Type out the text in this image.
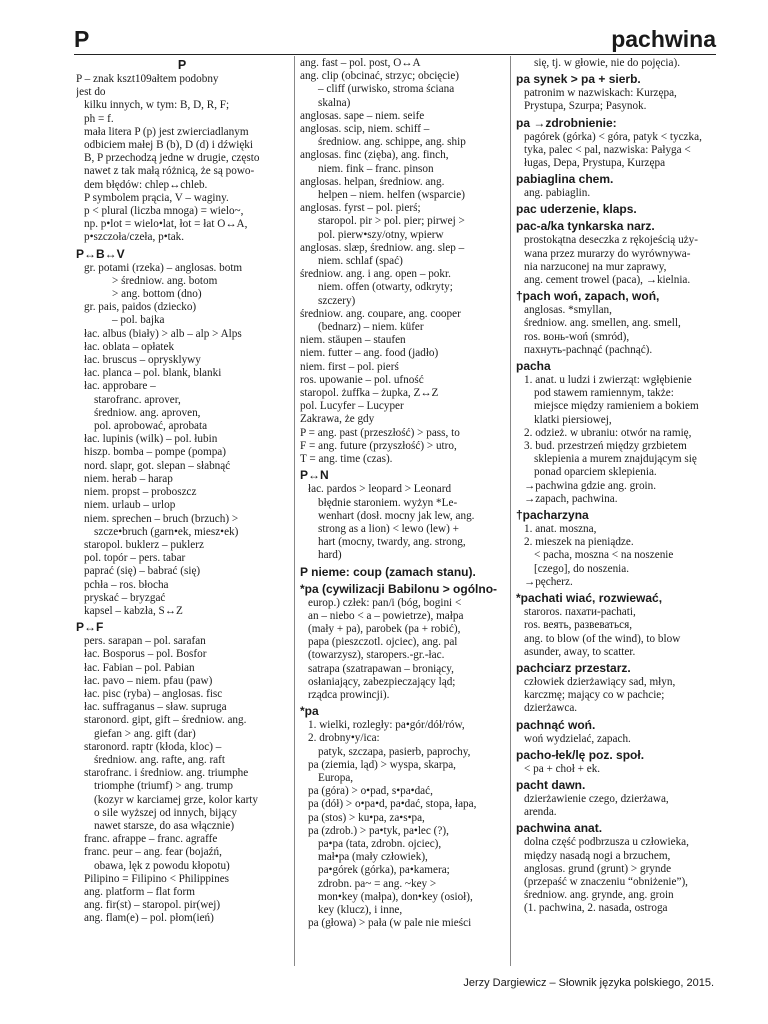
P	pachwina
P
P – znak kszt109ałtem podobny
jest do
kilku innych, w tym: B, D, R, F;
ph = f.
mała litera P (p) jest zwierciadlanym
odbiciem małej B (b), D (d) i dźwięki
B, P przechodzą jedne w drugie, często
nawet z tak małą różnicą, że są powo-
dem błędów: chlep↔chleb.
P symbolem prącia, V – waginy.
p < plural (liczba mnoga) = wielo~,
np. p•lot = wielo•lat, łot = łat O↔A,
p•szczoła/czeła, p•tak.
P↔B↔V
gr. potami (rzeka) – anglosas. botm
> średniow. ang. botom
> ang. bottom (dno)
gr. pais, paidos (dziecko)
– pol. bajka
łac. albus (biały) > alb – alp > Alps
łac. oblata – opłatek
łac. bruscus – oprysklywy
łac. planca – pol. blank, blanki
łac. approbare –
starofranc. aprover,
średniow. ang. aproven,
pol. aprobować, aprobata
łac. lupinis (wilk) – pol. łubin
hiszp. bomba – pompe (pompa)
nord. slapr, got. slepan – słabnąć
niem. herab – harap
niem. propst – proboszcz
niem. urlaub – urlop
niem. sprechen – bruch (brzuch) >
szcze•bruch (garn•ek, miesz•ek)
staropol. buklerz – puklerz
pol. topór – pers. tabar
paprać (się) – babrać (się)
pchła – ros. błocha
pryskać – bryzgać
kapsel – kabzła, S↔Z
P↔F
pers. sarapan – pol. sarafan
łac. Bosporus – pol. Bosfor
łac. Fabian – pol. Pabian
łac. pavo – niem. pfau (paw)
łac. pisc (ryba) – anglosas. fisc
łac. suffraganus – sław. supruga
staronord. gipt, gift – średniow. ang.
giefan > ang. gift (dar)
staronord. raptr (kłoda, kloc) –
średniow. ang. rafte, ang. raft
starofranc. i średniow. ang. triumphe
triomphe (triumf) > ang. trump
(kozyr w karciamej grze, kolor karty
o sile wyższej od innych, bijący
nawet starsze, do asa włącznie)
franc. afrappe – franc. agraffe
franc. peur – ang. fear (bojaźń,
obawa, lęk z powodu kłopotu)
Pilipino = Filipino < Philippines
ang. platform – flat form
ang. fir(st) – staropol. pir(wej)
ang. flam(e) – pol. płom(ień)
ang. fast – pol. post, O↔A
ang. clip (obcinać, strzyc; obcięcie)
– cliff (urwisko, stroma ściana
skalna)
anglosas. sape – niem. seife
anglosas. scip, niem. schiff –
średniow. ang. schippe, ang. ship
anglosas. finc (zięba), ang. finch,
niem. fink – franc. pinson
anglosas. helpan, średniow. ang.
helpen – niem. helfen (wsparcie)
anglosas. fyrst – pol. pierś;
staropol. pir > pol. pier; pirwej >
pol. pierw•szy/otny, wpierw
anglosas. slæp, średniow. ang. slep –
niem. schlaf (spać)
średniow. ang. i ang. open – pokr.
niem. offen (otwarty, odkryty;
szczery)
średniow. ang. coupare, ang. cooper
(bednarz) – niem. küfer
niem. stäupen – staufen
niem. futter – ang. food (jadło)
niem. first – pol. pierś
ros. upowanie – pol. ufność
staropol. żuffka – żupka, Z↔Z
pol. Lucyfer – Lucyper
Zakrawa, że gdy
P = ang. past (przeszłość) > pass, to
F = ang. future (przyszłość) > utro,
T = ang. time (czas).
P↔N
łac. pardos > leopard > Leonard
błędnie staroniem. wyżyn *Le-
wenhart (dosł. mocny jak lew, ang.
strong as a lion) < lewo (lew) +
hart (mocny, twardy, ang. strong,
hard)
P nieme: coup (zamach stanu).
*pa (cywilizacji Babilonu > ogólno-
europ.) człek: pan/i (bóg, bogini <
an – niebo < a – powietrze), małpa
(mały + pa), parobek (pa + robić),
papa (pieszczotl. ojciec), ang. pal
(towarzysz), staropers.-gr.-łac.
satrapa (szatrapawan – broniący,
osłaniający, zabezpieczający ląd;
rządca prowincji).
*pa
1. wielki, rozległy: pa•gór/dół/rów,
2. drobny•y/ica:
patyk, szczapa, pasierb, paprochy,
pa (ziemia, ląd) > wyspa, skarpa,
Europa,
pa (góra) > o•pad, s•pa•dać,
pa (dół) > o•pa•d, pa•dać, stopa, łapa,
pa (stos) > ku•pa, za•s•pa,
pa (zdrob.) > pa•tyk, pa•lec (?),
pa•pa (tata, zdrobn. ojciec),
mał•pa (mały człowiek),
pa•górek (górka), pa•kamera;
zdrobn. pa~ = ang. ~key >
mon•key (małpa), don•key (osioł),
key (klucz), i inne,
pa (głowa) > pała (w pale nie mieści
się, tj. w głowie, nie do pojęcia).
pa synek > pa + sierb.
patronim w nazwiskach: Kurzępa,
Prystupa, Szurpa; Pasynok.
pa →zdrobnienie:
pagórek (górka) < góra, patyk < tyczka,
tyka, palec < pal, nazwiska: Pałyga <
ługas, Depa, Prystupa, Kurzępa
pabiaglina chem.
ang. pabiaglin.
pac uderzenie, klaps.
pac-a/ka tynkarska narz.
prostokątna deseczka z rękojeścią uży-
wana przez murarzy do wyrównywa-
nia narzuconej na mur zaprawy,
ang. cement trowel (paca), →kielnia.
†pach woń, zapach, woń,
anglosas. *smyllan,
średniow. ang. smellen, ang. smell,
ros. вонь-woń (smród),
пахнуть-pachnąć (pachnąć).
pacha
1. anat. u ludzi i zwierząt: wgłębienie
pod stawem ramiennym, także:
miejsce między ramieniem a bokiem
klatki piersiowej,
2. odzież. w ubraniu: otwór na ramię,
3. bud. przestrzeń między grzbietem
sklepienia a murem znajdującym się
ponad oparciem sklepienia.
→pachwina gdzie ang. groin.
→zapach, pachwina.
†pacharzyna
1. anat. moszna,
2. mieszek na pieniądze.
< pacha, moszna < na noszenie
[czego], do noszenia.
→pęcherz.
*pachati wiać, rozwiewać,
staroros. пахати-pachati,
ros. веять, развеваться,
ang. to blow (of the wind), to blow
asunder, away, to scatter.
pachciarz przestarz.
człowiek dzierżawiący sad, młyn,
karczmę; mający co w pachcie;
dzierżawca.
pachnąć woń.
woń wydzielać, zapach.
pacho-łek/lę poz. społ.
< pa + choł + ek.
pacht dawn.
dzierżawienie czego, dzierżawa,
arenda.
pachwina anat.
dolna część podbrzusza u człowieka,
między nasadą nogi a brzuchem,
anglosas. grund (grunt) > grynde
(przepaść w znaczeniu “obniżenie”),
średniow. ang. grynde, ang. groin
(1. pachwina, 2. nasada, ostroga
Jerzy Dargiewicz – Słownik języka polskiego, 2015.
